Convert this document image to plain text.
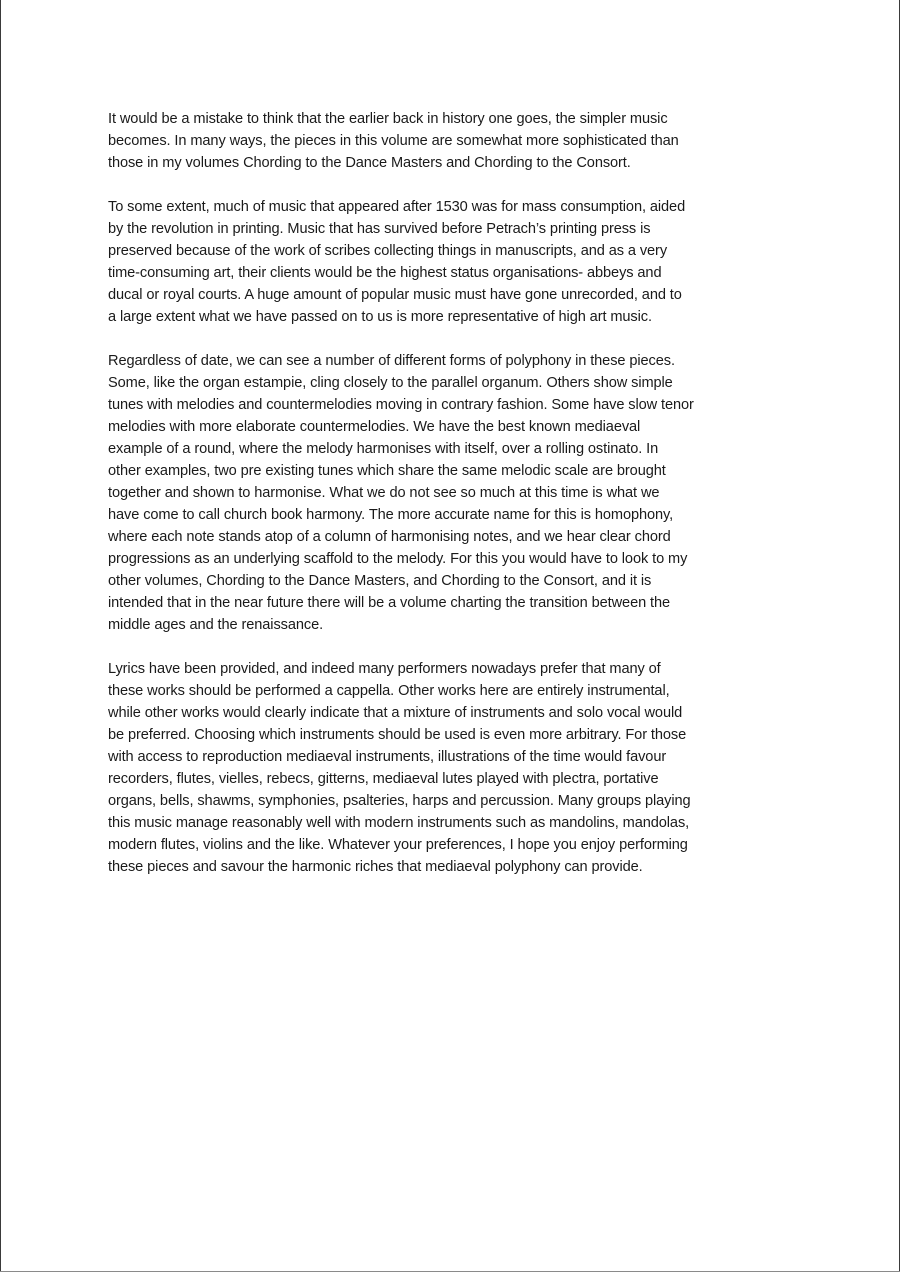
It would be a mistake to think that the earlier back in history one goes, the simpler music
becomes. In many ways, the pieces in this volume are somewhat more sophisticated than
those in my volumes Chording to the Dance Masters and Chording to the Consort.

To some extent, much of music that appeared after 1530 was for mass consumption, aided
by the revolution in printing. Music that has survived before Petrach’s printing press is
preserved because of the work of scribes collecting things in manuscripts, and as a very
time-consuming art, their clients would be the highest status organisations- abbeys and
ducal or royal courts. A huge amount of popular music must have gone unrecorded, and to
a large extent what we have passed on to us is more representative of high art music.

Regardless of date, we can see a number of different forms of polyphony in these pieces.
Some, like the organ estampie, cling closely to the parallel organum. Others show simple
tunes with melodies and countermelodies moving in contrary fashion. Some have slow tenor
melodies with more elaborate countermelodies. We have the best known mediaeval
example of a round, where the melody harmonises with itself, over a rolling ostinato. In
other examples, two pre existing tunes which share the same melodic scale are brought
together and shown to harmonise. What we do not see so much at this time is what we
have come to call church book harmony. The more accurate name for this is homophony,
where each note stands atop of a column of harmonising notes, and we hear clear chord
progressions as an underlying scaffold to the melody. For this you would have to look to my
other volumes, Chording to the Dance Masters, and Chording to the Consort, and it is
intended that in the near future there will be a volume charting the transition between the
middle ages and the renaissance.

Lyrics have been provided, and indeed many performers nowadays prefer that many of
these works should be performed a cappella. Other works here are entirely instrumental,
while other works would clearly indicate that a mixture of instruments and solo vocal would
be preferred. Choosing which instruments should be used is even more arbitrary. For those
with access to reproduction mediaeval instruments, illustrations of the time would favour
recorders, flutes, vielles, rebecs, gitterns, mediaeval lutes played with plectra, portative
organs, bells, shawms, symphonies, psalteries, harps and percussion. Many groups playing
this music manage reasonably well with modern instruments such as mandolins, mandolas,
modern flutes, violins and the like. Whatever your preferences, I hope you enjoy performing
these pieces and savour the harmonic riches that mediaeval polyphony can provide.
